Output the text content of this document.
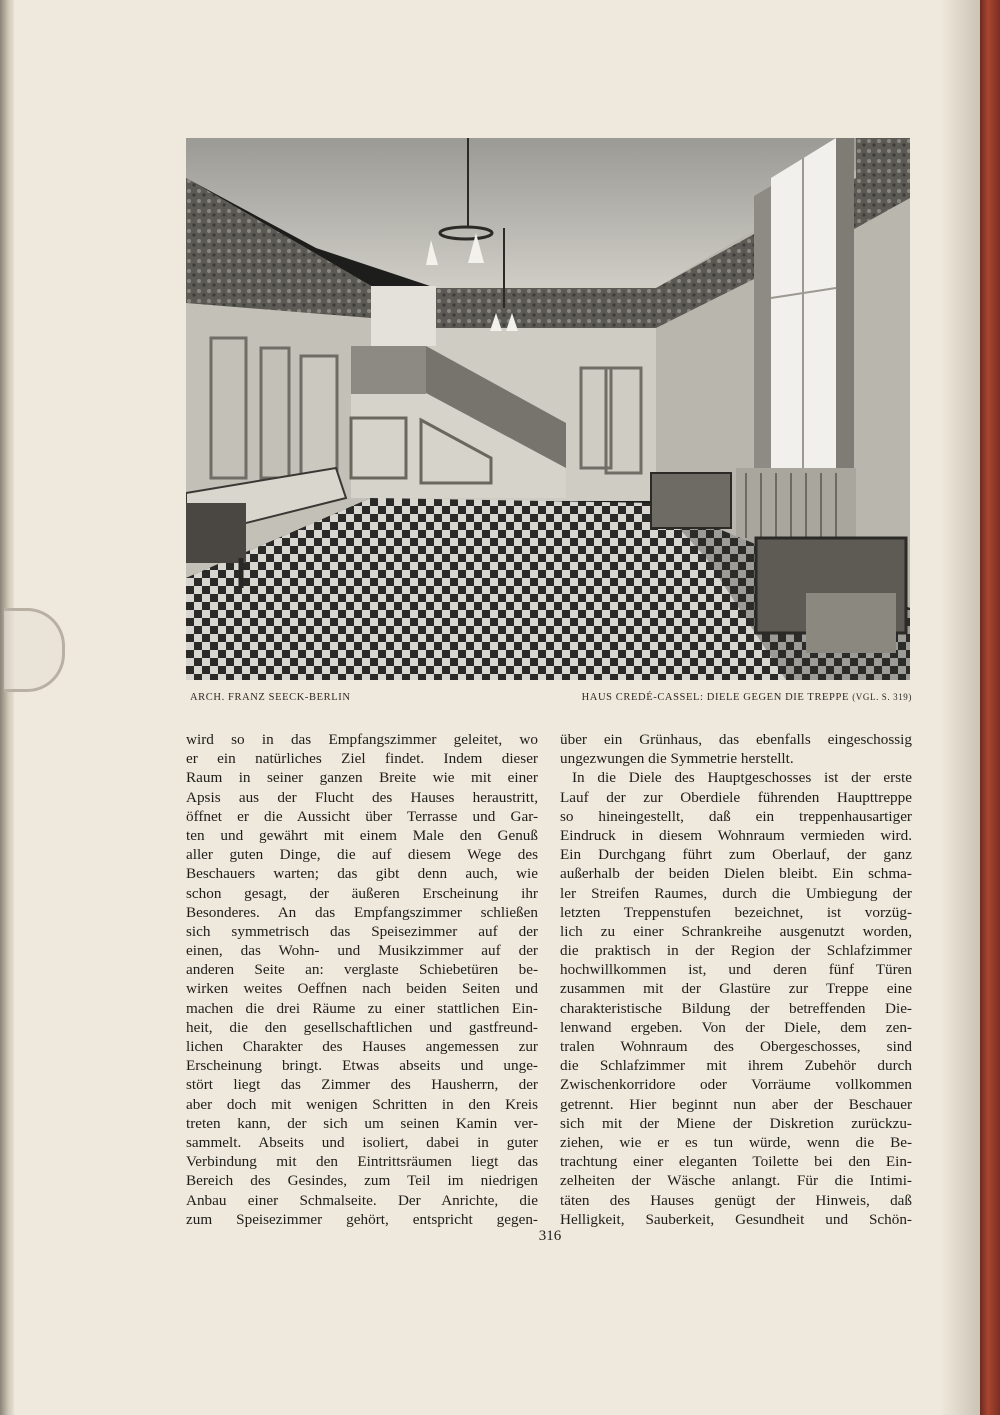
ARCH. FRANZ SEECK-BERLIN	HAUS CREDÉ-CASSEL: DIELE GEGEN DIE TREPPE (VGL. S. 319)
wird so in das Empfangszimmer geleitet, wo
er ein natürliches Ziel findet. Indem dieser
Raum in seiner ganzen Breite wie mit einer
Apsis aus der Flucht des Hauses heraustritt,
öffnet er die Aussicht über Terrasse und Gar-
ten und gewährt mit einem Male den Genuß
aller guten Dinge, die auf diesem Wege des
Beschauers warten; das gibt denn auch, wie
schon gesagt, der äußeren Erscheinung ihr
Besonderes. An das Empfangszimmer schließen
sich symmetrisch das Speisezimmer auf der
einen, das Wohn- und Musikzimmer auf der
anderen Seite an: verglaste Schiebetüren be-
wirken weites Oeffnen nach beiden Seiten und
machen die drei Räume zu einer stattlichen Ein-
heit, die den gesellschaftlichen und gastfreund-
lichen Charakter des Hauses angemessen zur
Erscheinung bringt. Etwas abseits und unge-
stört liegt das Zimmer des Hausherrn, der
aber doch mit wenigen Schritten in den Kreis
treten kann, der sich um seinen Kamin ver-
sammelt. Abseits und isoliert, dabei in guter
Verbindung mit den Eintrittsräumen liegt das
Bereich des Gesindes, zum Teil im niedrigen
Anbau einer Schmalseite. Der Anrichte, die
zum Speisezimmer gehört, entspricht gegen-
über ein Grünhaus, das ebenfalls eingeschossig
ungezwungen die Symmetrie herstellt.
In die Diele des Hauptgeschosses ist der erste
Lauf der zur Oberdiele führenden Haupttreppe
so hineingestellt, daß ein treppenhausartiger
Eindruck in diesem Wohnraum vermieden wird.
Ein Durchgang führt zum Oberlauf, der ganz
außerhalb der beiden Dielen bleibt. Ein schma-
ler Streifen Raumes, durch die Umbiegung der
letzten Treppenstufen bezeichnet, ist vorzüg-
lich zu einer Schrankreihe ausgenutzt worden,
die praktisch in der Region der Schlafzimmer
hochwillkommen ist, und deren fünf Türen
zusammen mit der Glastüre zur Treppe eine
charakteristische Bildung der betreffenden Die-
lenwand ergeben. Von der Diele, dem zen-
tralen Wohnraum des Obergeschosses, sind
die Schlafzimmer mit ihrem Zubehör durch
Zwischenkorridore oder Vorräume vollkommen
getrennt. Hier beginnt nun aber der Beschauer
sich mit der Miene der Diskretion zurückzu-
ziehen, wie er es tun würde, wenn die Be-
trachtung einer eleganten Toilette bei den Ein-
zelheiten der Wäsche anlangt. Für die Intimi-
täten des Hauses genügt der Hinweis, daß
Helligkeit, Sauberkeit, Gesundheit und Schön-
316
